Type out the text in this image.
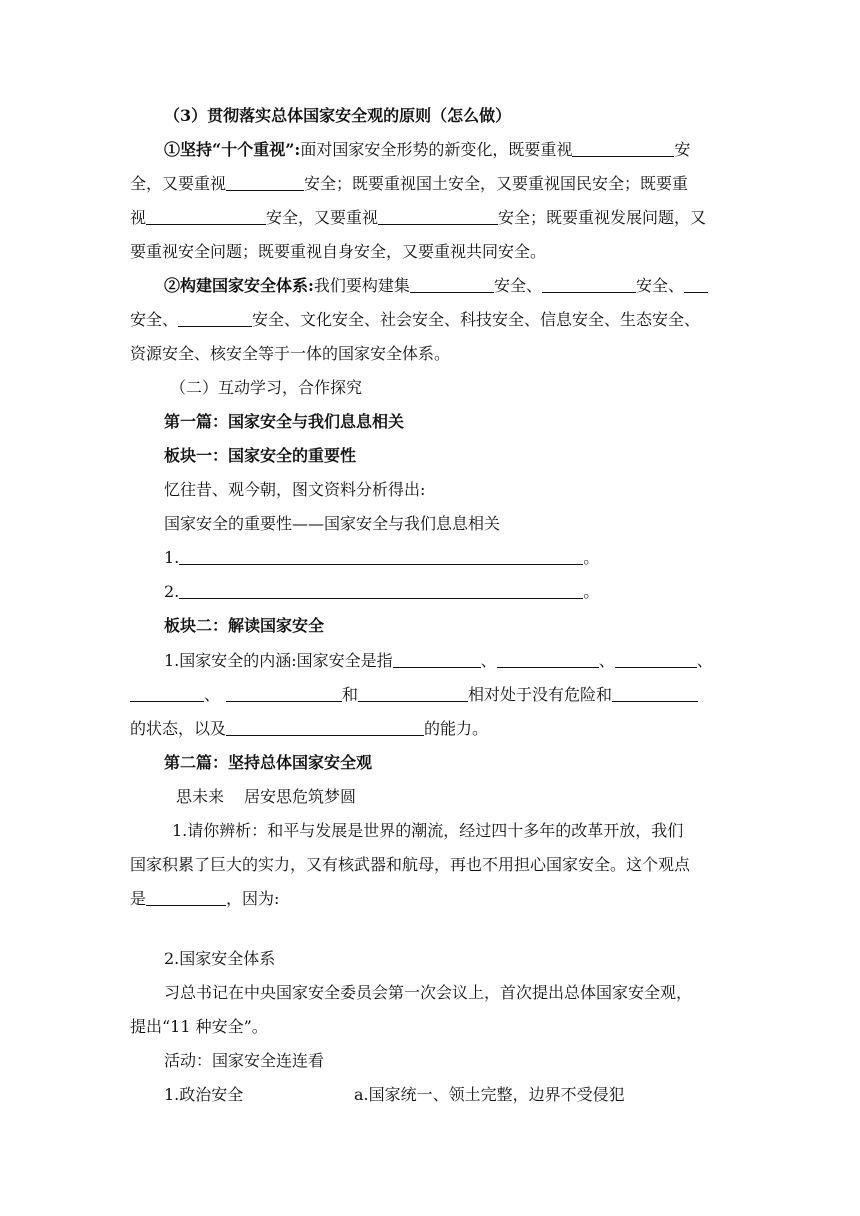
（3）贯彻落实总体国家安全观的原则（怎么做）
①坚持“十个重视”:面对国家安全形势的新变化，既要重视	安
全，又要重视	安全；既要重视国土安全，又要重视国民安全；既要重
视	安全，又要重视	安全；既要重视发展问题，又
要重视安全问题；既要重视自身安全，又要重视共同安全。
②构建国家安全体系:我们要构建集	安全、	安全、
安全、	安全、文化安全、社会安全、科技安全、信息安全、生态安全、
资源安全、核安全等于一体的国家安全体系。
（二）互动学习，合作探究
第一篇：国家安全与我们息息相关
板块一：国家安全的重要性
忆往昔、观今朝，图文资料分析得出:
国家安全的重要性——国家安全与我们息息相关
1.	。
2.	。
板块二：解读国家安全
1.国家安全的内涵:国家安全是指	、	、	、
、	和	相对处于没有危险和
的状态，以及	的能力。
第二篇：坚持总体国家安全观
思未来 居安思危筑梦圆
1.请你辨析：和平与发展是世界的潮流，经过四十多年的改革开放，我们
国家积累了巨大的实力，又有核武器和航母，再也不用担心国家安全。这个观点
是	，因为:
2.国家安全体系
习总书记在中央国家安全委员会第一次会议上，首次提出总体国家安全观，
提出“11 种安全”。
活动：国家安全连连看
1.政治安全	a.国家统一、领土完整，边界不受侵犯
